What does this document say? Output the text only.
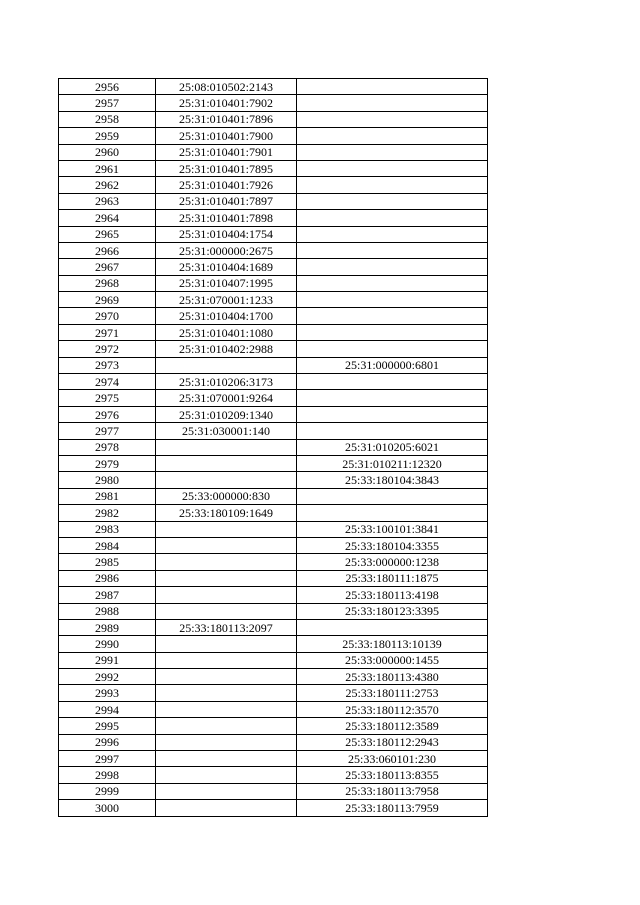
2956	25:08:010502:2143	
2957	25:31:010401:7902	
2958	25:31:010401:7896	
2959	25:31:010401:7900	
2960	25:31:010401:7901	
2961	25:31:010401:7895	
2962	25:31:010401:7926	
2963	25:31:010401:7897	
2964	25:31:010401:7898	
2965	25:31:010404:1754	
2966	25:31:000000:2675	
2967	25:31:010404:1689	
2968	25:31:010407:1995	
2969	25:31:070001:1233	
2970	25:31:010404:1700	
2971	25:31:010401:1080	
2972	25:31:010402:2988	
2973		25:31:000000:6801
2974	25:31:010206:3173	
2975	25:31:070001:9264	
2976	25:31:010209:1340	
2977	25:31:030001:140	
2978		25:31:010205:6021
2979		25:31:010211:12320
2980		25:33:180104:3843
2981	25:33:000000:830	
2982	25:33:180109:1649	
2983		25:33:100101:3841
2984		25:33:180104:3355
2985		25:33:000000:1238
2986		25:33:180111:1875
2987		25:33:180113:4198
2988		25:33:180123:3395
2989	25:33:180113:2097	
2990		25:33:180113:10139
2991		25:33:000000:1455
2992		25:33:180113:4380
2993		25:33:180111:2753
2994		25:33:180112:3570
2995		25:33:180112:3589
2996		25:33:180112:2943
2997		25:33:060101:230
2998		25:33:180113:8355
2999		25:33:180113:7958
3000		25:33:180113:7959
